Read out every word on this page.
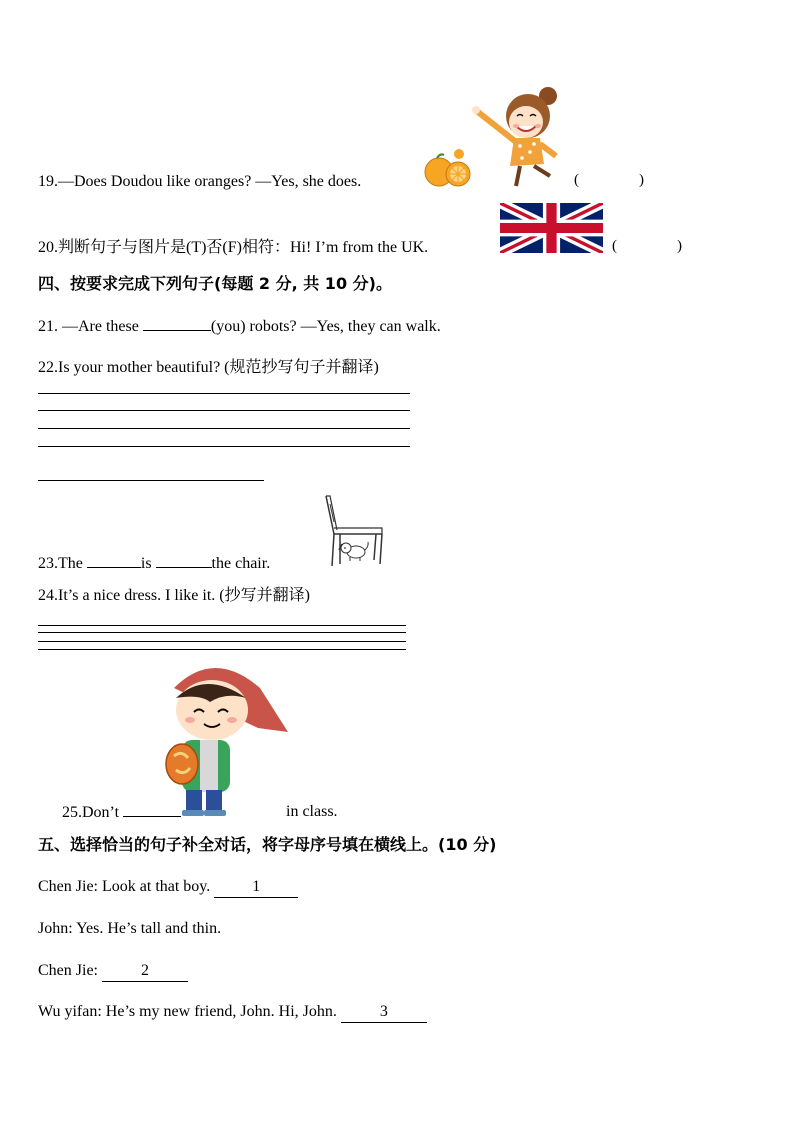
19.—Does Doudou like oranges? —Yes, she does.	(	)
20.判断句子与图片是(T)否(F)相符：Hi! I’m from the UK.	(	)
四、按要求完成下列句子(每题 2 分, 共 10 分)。
21. —Are these	(you) robots? —Yes, they can walk.
22.Is your mother beautiful? (规范抄写句子并翻译)
23.The	is	the chair.
24.It’s a nice dress. I like it. (抄写并翻译)
25.Don’t	in class.
五、选择恰当的句子补全对话，将字母序号填在横线上。(10 分)
Chen Jie: Look at that boy.	1
John: Yes. He’s tall and thin.
Chen Jie:	2
Wu yifan: He’s my new friend, John. Hi, John.	3
